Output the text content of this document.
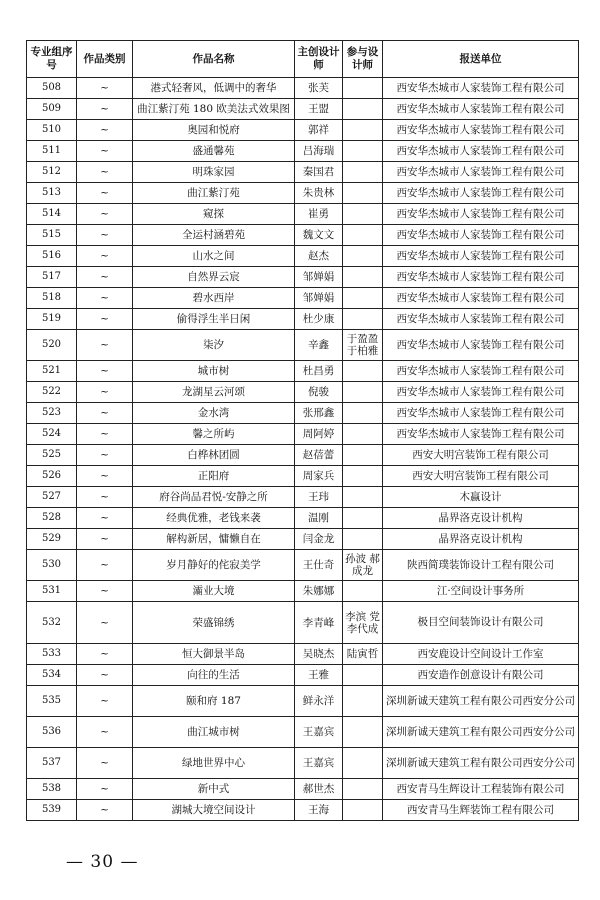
专业组序号	作品类别	作品名称	主创设计师	参与设计师	报送单位
508	~	港式轻奢风，低调中的奢华	张芙		西安华杰城市人家装饰工程有限公司
509	~	曲江紫汀苑 180 欧美法式效果图	王盟		西安华杰城市人家装饰工程有限公司
510	~	奥园和悦府	郭祥		西安华杰城市人家装饰工程有限公司
511	~	盛通馨苑	吕海瑞		西安华杰城市人家装饰工程有限公司
512	~	明珠家园	秦国君		西安华杰城市人家装饰工程有限公司
513	~	曲江紫汀苑	朱贵林		西安华杰城市人家装饰工程有限公司
514	~	窥探	崔勇		西安华杰城市人家装饰工程有限公司
515	~	全运村涵碧苑	魏文文		西安华杰城市人家装饰工程有限公司
516	~	山水之间	赵杰		西安华杰城市人家装饰工程有限公司
517	~	自然界云宸	邹婵娟		西安华杰城市人家装饰工程有限公司
518	~	碧水西岸	邹婵娟		西安华杰城市人家装饰工程有限公司
519	~	偷得浮生半日闲	杜少康		西安华杰城市人家装饰工程有限公司
520	~	柒汐	辛鑫	于盈盈 于柏雅	西安华杰城市人家装饰工程有限公司
521	~	城市树	杜昌勇		西安华杰城市人家装饰工程有限公司
522	~	龙湖星云河颂	倪骏		西安华杰城市人家装饰工程有限公司
523	~	金水湾	张邢鑫		西安华杰城市人家装饰工程有限公司
524	~	馨之所屿	周阿婷		西安华杰城市人家装饰工程有限公司
525	~	白桦林团圆	赵蓓蕾		西安大明宫装饰工程有限公司
526	~	正阳府	周家兵		西安大明宫装饰工程有限公司
527	~	府谷尚品君悦-安静之所	王玮		木蠃设计
528	~	经典优雅，老钱来袭	温刚		晶界洛克设计机构
529	~	解构新居，慵懒自在	闫金龙		晶界洛克设计机构
530	~	岁月静好的侘寂美学	王仕奇	孙波 郝成龙	陕西简璞装饰设计工程有限公司
531	~	灞业大境	朱娜娜		江·空间设计事务所
532	~	荣盛锦绣	李青峰	李滨 党李代成	极目空间装饰设计有限公司
533	~	恒大御景半岛	吴晓杰	陆寅哲	西安鹿设计空间设计工作室
534	~	向往的生活	王雅		西安造作创意设计有限公司
535	~	颐和府 187	鲜永洋		深圳新诚天建筑工程有限公司西安分公司
536	~	曲江城市树	王嘉宾		深圳新诚天建筑工程有限公司西安分公司
537	~	绿地世界中心	王嘉宾		深圳新诚天建筑工程有限公司西安分公司
538	~	新中式	郝世杰		西安青马生辉设计工程装饰有限公司
539	~	湖城大境空间设计	王海		西安青马生辉装饰工程有限公司
— 30 —
